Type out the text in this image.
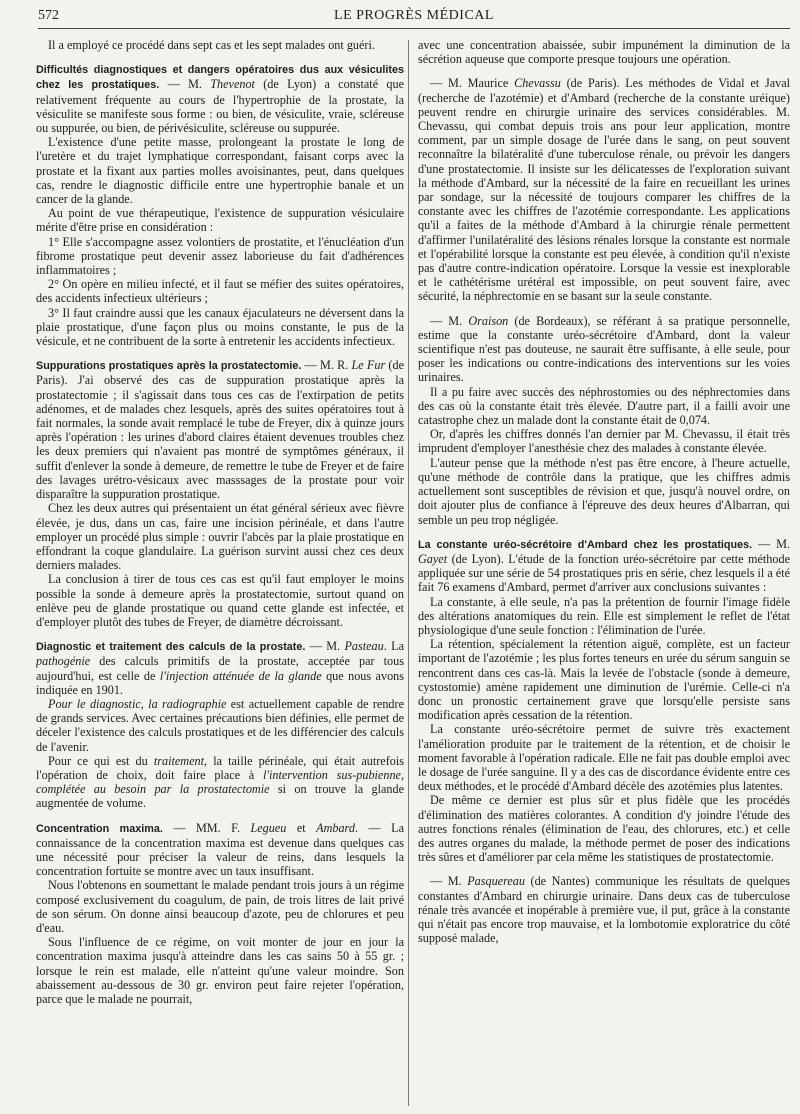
572	LE PROGRÈS MÉDICAL

Il a employé ce procédé dans sept cas et les sept malades ont guéri.

Difficultés diagnostiques et dangers opératoires dus aux vésiculites chez les prostatiques. — M. Thevenot (de Lyon) a constaté que relativement fréquente au cours de l'hypertrophie de la prostate, la vésiculite se manifeste sous forme : ou bien, de vésiculite, vraie, scléreuse ou suppurée, ou bien, de périvésiculite, scléreuse ou suppurée.

L'existence d'une petite masse, prolongeant la prostate le long de l'uretère et du trajet lymphatique correspondant, faisant corps avec la prostate et la fixant aux parties molles avoisinantes, peut, dans quelques cas, rendre le diagnostic difficile entre une hypertrophie banale et un cancer de la glande.

Au point de vue thérapeutique, l'existence de suppuration vésiculaire mérite d'être prise en considération :

1° Elle s'accompagne assez volontiers de prostatite, et l'énucléation d'un fibrome prostatique peut devenir assez laborieuse du fait d'adhérences inflammatoires ;

2° On opère en milieu infecté, et il faut se méfier des suites opératoires, des accidents infectieux ultérieurs ;

3° Il faut craindre aussi que les canaux éjaculateurs ne déversent dans la plaie prostatique, d'une façon plus ou moins constante, le pus de la vésicule, et ne contribuent de la sorte à entretenir les accidents infectieux.

Suppurations prostatiques après la prostatectomie. — M. R. Le Fur (de Paris). J'ai observé des cas de suppuration prostatique après la prostatectomie ; il s'agissait dans tous ces cas de l'extirpation de petits adénomes, et de malades chez lesquels, après des suites opératoires tout à fait normales, la sonde avait remplacé le tube de Freyer, dix à quinze jours après l'opération : les urines d'abord claires étaient devenues troubles chez les deux premiers qui n'avaient pas montré de symptômes généraux, il suffit d'enlever la sonde à demeure, de remettre le tube de Freyer et de faire des lavages urétro-vésicaux avec masssages de la prostate pour voir disparaître la suppuration prostatique.

Chez les deux autres qui présentaient un état général sérieux avec fièvre élevée, je dus, dans un cas, faire une incision périnéale, et dans l'autre employer un procédé plus simple : ouvrir l'abcès par la plaie prostatique en effondrant la coque glandulaire. La guérison survint aussi chez ces deux derniers malades.

La conclusion à tirer de tous ces cas est qu'il faut employer le moins possible la sonde à demeure après la prostatectomie, surtout quand on enlève peu de glande prostatique ou quand cette glande est infectée, et d'employer plutôt des tubes de Freyer, de diamètre décroissant.

Diagnostic et traitement des calculs de la prostate. — M. Pasteau. La pathogénie des calculs primitifs de la prostate, acceptée par tous aujourd'hui, est celle de l'injection atténuée de la glande que nous avons indiquée en 1901.

Pour le diagnostic, la radiographie est actuellement capable de rendre de grands services. Avec certaines précautions bien définies, elle permet de déceler l'existence des calculs prostatiques et de les différencier des calculs de l'avenir.

Pour ce qui est du traitement, la taille périnéale, qui était autrefois l'opération de choix, doit faire place à l'intervention sus-pubienne, complétée au besoin par la prostatectomie si on trouve la glande augmentée de volume.

Concentration maxima. — MM. F. Legueu et Ambard. — La connaissance de la concentration maxima est devenue dans quelques cas une nécessité pour préciser la valeur de reins, dans lesquels la concentration fortuite se montre avec un taux insuffisant.

Nous l'obtenons en soumettant le malade pendant trois jours à un régime composé exclusivement du coagulum, de pain, de trois litres de lait privé de son sérum. On donne ainsi beaucoup d'azote, peu de chlorures et peu d'eau.

Sous l'influence de ce régime, on voit monter de jour en jour la concentration maxima jusqu'à atteindre dans les cas sains 50 à 55 gr. ; lorsque le rein est malade, elle n'atteint qu'une valeur moindre. Son abaissement au-dessous de 30 gr. environ peut faire rejeter l'opération, parce que le malade ne pourrait,

avec une concentration abaissée, subir impunément la diminution de la sécrétion aqueuse que comporte presque toujours une opération.

— M. Maurice Chevassu (de Paris). Les méthodes de Vidal et Javal (recherche de l'azotémie) et d'Ambard (recherche de la constante uréique) peuvent rendre en chirurgie urinaire des services considérables. M. Chevassu, qui combat depuis trois ans pour leur application, montre comment, par un simple dosage de l'urée dans le sang, on peut souvent reconnaître la bilatéralité d'une tuberculose rénale, ou prévoir les dangers d'une prostatectomie. Il insiste sur les délicatesses de l'exploration suivant la méthode d'Ambard, sur la nécessité de la faire en recueillant les urines par sondage, sur la nécessité de toujours comparer les chiffres de la constante avec les chiffres de l'azotémie correspondante. Les applications qu'il a faites de la méthode d'Ambard à la chirurgie rénale permettent d'affirmer l'unilatéralité des lésions rénales lorsque la constante est normale et l'opérabilité lorsque la constante est peu élevée, à condition qu'il n'existe pas d'autre contre-indication opératoire. Lorsque la vessie est inexplorable et le cathétérisme urétéral est impossible, on peut souvent faire, avec sécurité, la néphrectomie en se basant sur la seule constante.

— M. Oraison (de Bordeaux), se référant à sa pratique personnelle, estime que la constante uréo-sécrétoire d'Ambard, dont la valeur scientifique n'est pas douteuse, ne saurait être suffisante, à elle seule, pour poser les indications ou contre-indications des interventions sur les voies urinaires.

Il a pu faire avec succès des néphrostomies ou des néphrectomies dans des cas où la constante était très élevée. D'autre part, il a failli avoir une catastrophe chez un malade dont la constante était de 0,074.

Or, d'après les chiffres donnés l'an dernier par M. Chevassu, il était très imprudent d'employer l'anesthésie chez des malades à constante élevée.

L'auteur pense que la méthode n'est pas être encore, à l'heure actuelle, qu'une méthode de contrôle dans la pratique, que les chiffres admis actuellement sont susceptibles de révision et que, jusqu'à nouvel ordre, on doit ajouter plus de confiance à l'épreuve des deux heures d'Albarran, qui semble un peu trop négligée.

La constante uréo-sécrétoire d'Ambard chez les prostatiques. — M. Gayet (de Lyon). L'étude de la fonction uréo-sécrétoire par cette méthode appliquée sur une série de 54 prostatiques pris en série, chez lesquels il a été fait 76 examens d'Ambard, permet d'arriver aux conclusions suivantes :

La constante, à elle seule, n'a pas la prétention de fournir l'image fidèle des altérations anatomiques du rein. Elle est simplement le reflet de l'état physiologique d'une seule fonction : l'élimination de l'urée.

La rétention, spécialement la rétention aiguë, complète, est un facteur important de l'azotémie ; les plus fortes teneurs en urée du sérum sanguin se rencontrent dans ces cas-là. Mais la levée de l'obstacle (sonde à demeure, cystostomie) amène rapidement une diminution de l'urémie. Celle-ci n'a donc un pronostic certainement grave que lorsqu'elle persiste sans modification après cessation de la rétention.

La constante uréo-sécrétoire permet de suivre très exactement l'amélioration produite par le traitement de la rétention, et de choisir le moment favorable à l'opération radicale. Elle ne fait pas double emploi avec le dosage de l'urée sanguine. Il y a des cas de discordance évidente entre ces deux méthodes, et le procédé d'Ambard décèle des azotémies plus latentes.

De même ce dernier est plus sûr et plus fidèle que les procédés d'élimination des matières colorantes. A condition d'y joindre l'étude des autres fonctions rénales (élimination de l'eau, des chlorures, etc.) et celle des autres organes du malade, la méthode permet de poser des indications très sûres et d'améliorer par cela même les statistiques de prostatectomie.

— M. Pasquereau (de Nantes) communique les résultats de quelques constantes d'Ambard en chirurgie urinaire. Dans deux cas de tuberculose rénale très avancée et inopérable à première vue, il put, grâce à la constante qui n'était pas encore trop mauvaise, et la lombotomie exploratrice du côté supposé malade,
